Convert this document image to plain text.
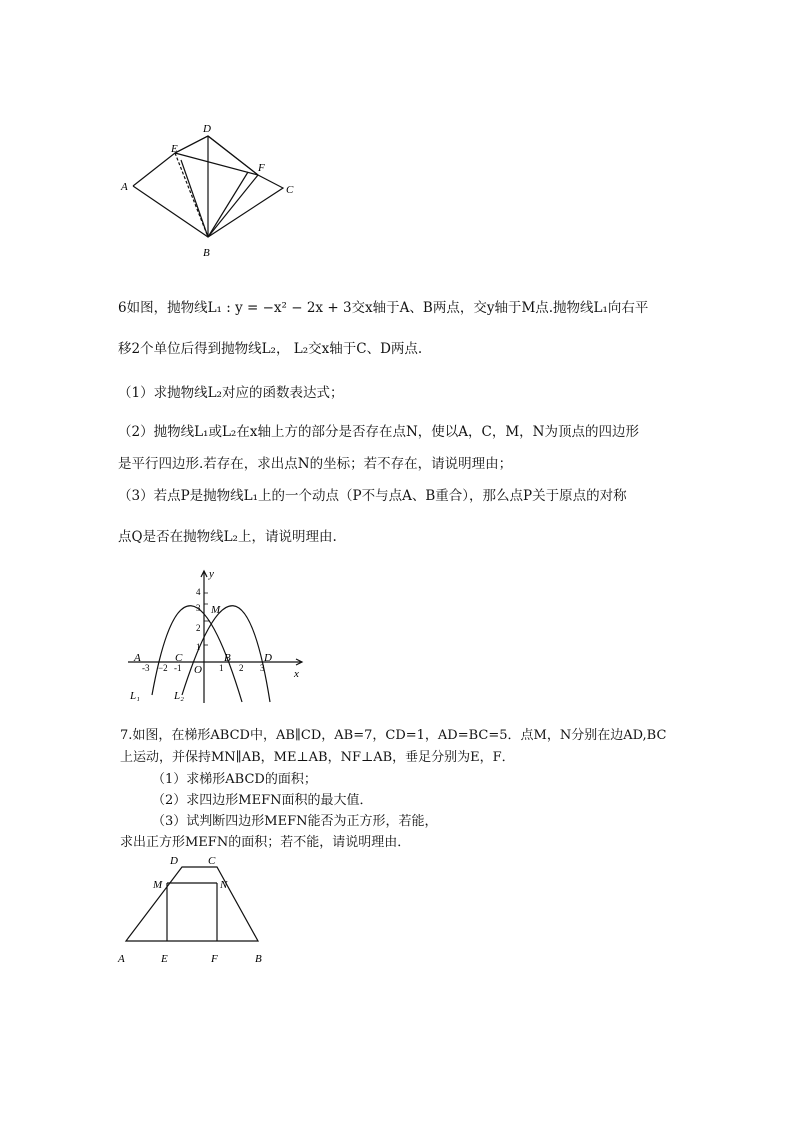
A
B
C
D
E
F
6如图，抛物线L₁ : y = −x² − 2x + 3交x轴于A、B两点，交y轴于M点.抛物线L₁向右平
移2个单位后得到抛物线L₂， L₂交x轴于C、D两点.
（1）求抛物线L₂对应的函数表达式；
（2）抛物线L₁或L₂在x轴上方的部分是否存在点N，使以A，C，M，N为顶点的四边形
是平行四边形.若存在，求出点N的坐标；若不存在，请说明理由；
（3）若点P是抛物线L₁上的一个动点（P不与点A、B重合），那么点P关于原点的对称
点Q是否在抛物线L₂上，请说明理由.
-3 −2 -1	1 2 3
4
3
2
1
A	B
C	D
M
O	x
y
L₁	L₂
7.如图，在梯形ABCD中，AB∥CD，AB=7，CD=1，AD=BC=5．点M，N分别在边AD,BC
上运动，并保持MN∥AB，ME⊥AB，NF⊥AB，垂足分别为E，F．
（1）求梯形ABCD的面积；
（2）求四边形MEFN面积的最大值．
（3）试判断四边形MEFN能否为正方形，若能，
求出正方形MEFN的面积；若不能，请说明理由．
A	B
C
D
E	F
M	N
